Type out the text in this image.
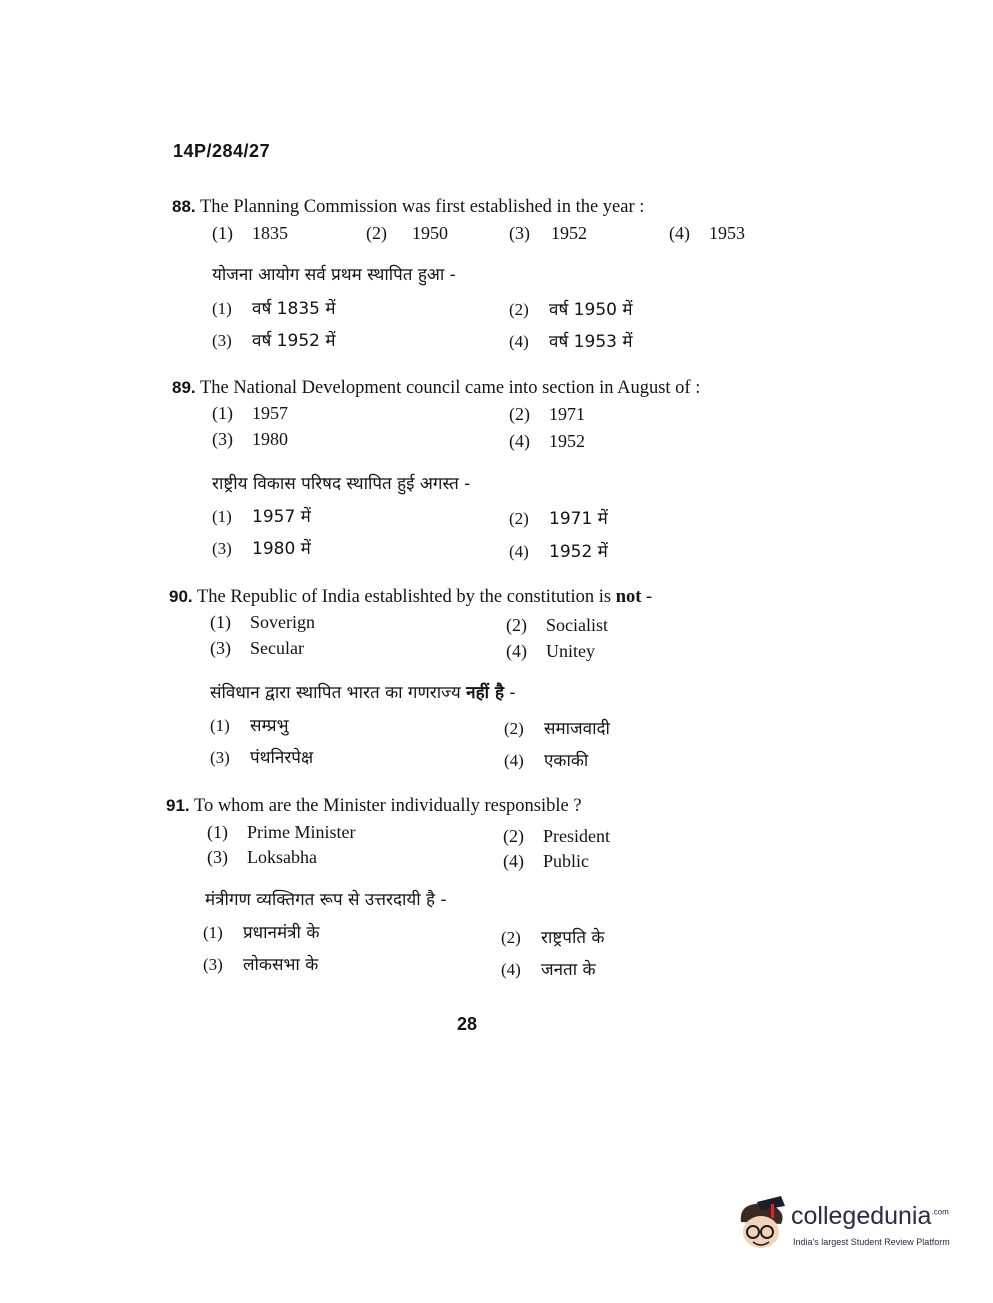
14P/284/27
88. The Planning Commission was first established in the year :
(1) 1835	(2) 1950	(3) 1952	(4) 1953
योजना आयोग सर्व प्रथम स्थापित हुआ -
(1) वर्ष 1835 में	(2) वर्ष 1950 में
(3) वर्ष 1952 में	(4) वर्ष 1953 में
89. The National Development council came into section in August of :
(1) 1957	(2) 1971
(3) 1980	(4) 1952
राष्ट्रीय विकास परिषद स्थापित हुई अगस्त -
(1) 1957 में	(2) 1971 में
(3) 1980 में	(4) 1952 में
90. The Republic of India establishted by the constitution is not -
(1) Soverign	(2) Socialist
(3) Secular	(4) Unitey
संविधान द्वारा स्थापित भारत का गणराज्य नहीं है -
(1) सम्प्रभु	(2) समाजवादी
(3) पंथनिरपेक्ष	(4) एकाकी
91. To whom are the Minister individually responsible ?
(1) Prime Minister	(2) President
(3) Loksabha	(4) Public
मंत्रीगण व्यक्तिगत रूप से उत्तरदायी है -
(1) प्रधानमंत्री के	(2) राष्ट्रपति के
(3) लोकसभा के	(4) जनता के
28
collegedunia$^{.com}$
India's largest Student Review Platform
